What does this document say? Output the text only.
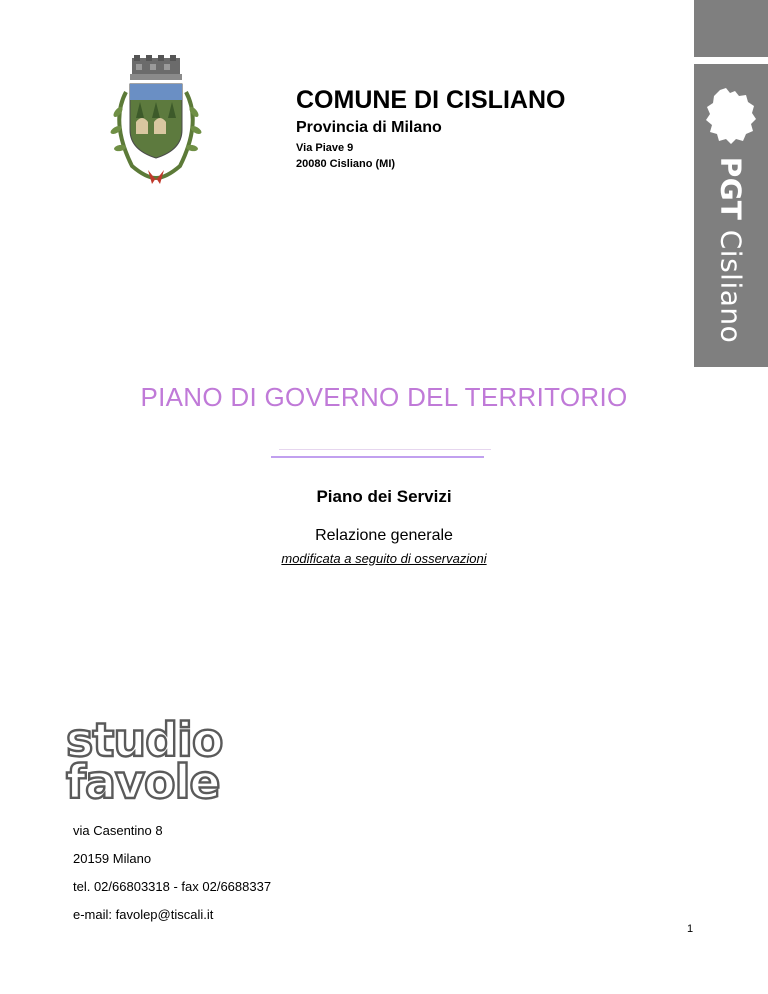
PGT Cisliano
COMUNE DI CISLIANO
Provincia di Milano
Via Piave 9
20080 Cisliano (MI)
PIANO DI GOVERNO DEL TERRITORIO
Piano dei Servizi
Relazione generale
modificata a seguito di osservazioni
studio
favole
via Casentino 8
20159 Milano
tel. 02/66803318 - fax 02/6688337
e-mail: favolep@tiscali.it
1
